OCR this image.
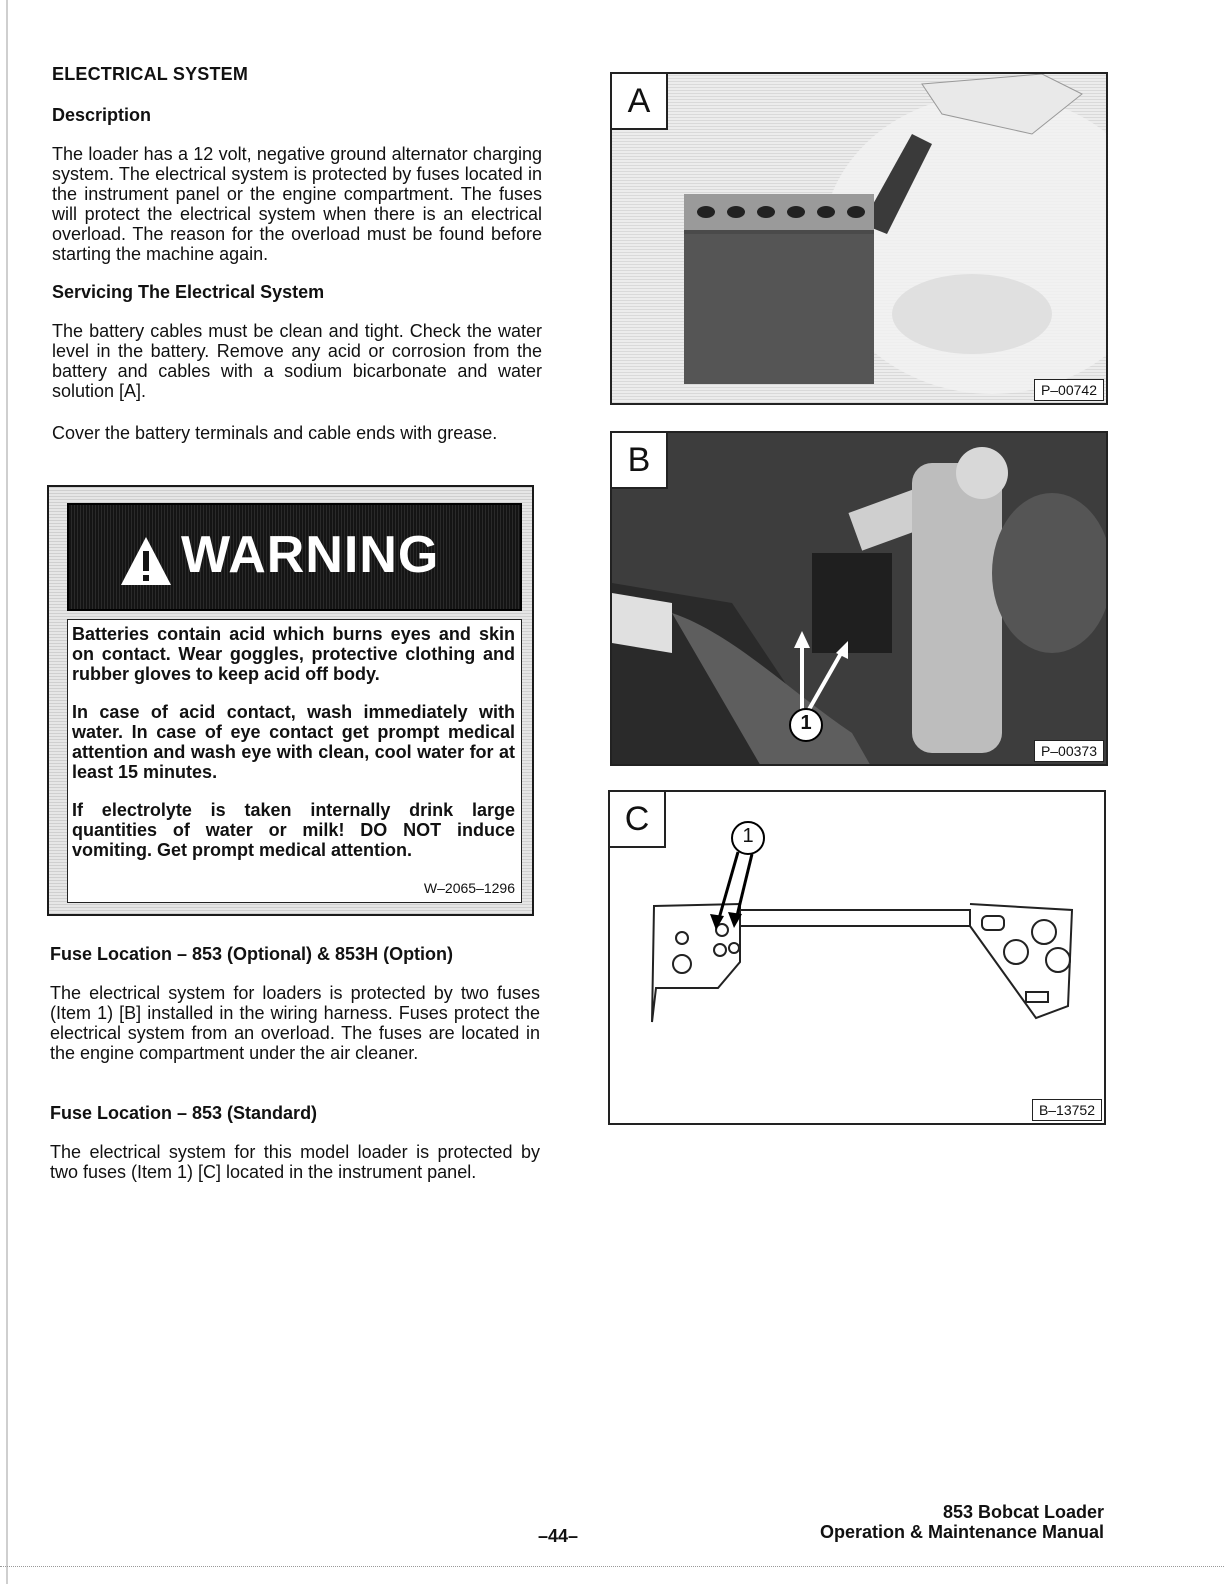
ELECTRICAL SYSTEM
Description
The loader has a 12 volt, negative ground alternator charging system. The electrical system is protected by fuses located in the instrument panel or the engine compartment. The fuses will protect the electrical system when there is an electrical overload. The reason for the overload must be found before starting the machine again.
Servicing The Electrical System
The battery cables must be clean and tight. Check the water level in the battery. Remove any acid or corrosion from the battery and cables with a sodium bicarbonate and water solution [A].
Cover the battery terminals and cable ends with grease.
WARNING
Batteries contain acid which burns eyes and skin on contact. Wear goggles, protective clothing and rubber gloves to keep acid off body.
In case of acid contact, wash immediately with water. In case of eye contact get prompt medical attention and wash eye with clean, cool water for at least 15 minutes.
If electrolyte is taken internally drink large quantities of water or milk! DO NOT induce vomiting. Get prompt medical attention.
W–2065–1296
Fuse Location – 853 (Optional) & 853H (Option)
The electrical system for loaders is protected by two fuses (Item 1) [B] installed in the wiring harness. Fuses protect the electrical system from an overload. The fuses are located in the engine compartment under the air cleaner.
Fuse Location – 853 (Standard)
The electrical system for this model loader is protected by two fuses (Item 1) [C] located in the instrument panel.
A
P–00742
1
B
P–00373
1
C
B–13752
–44–
853 Bobcat Loader
Operation & Maintenance Manual
